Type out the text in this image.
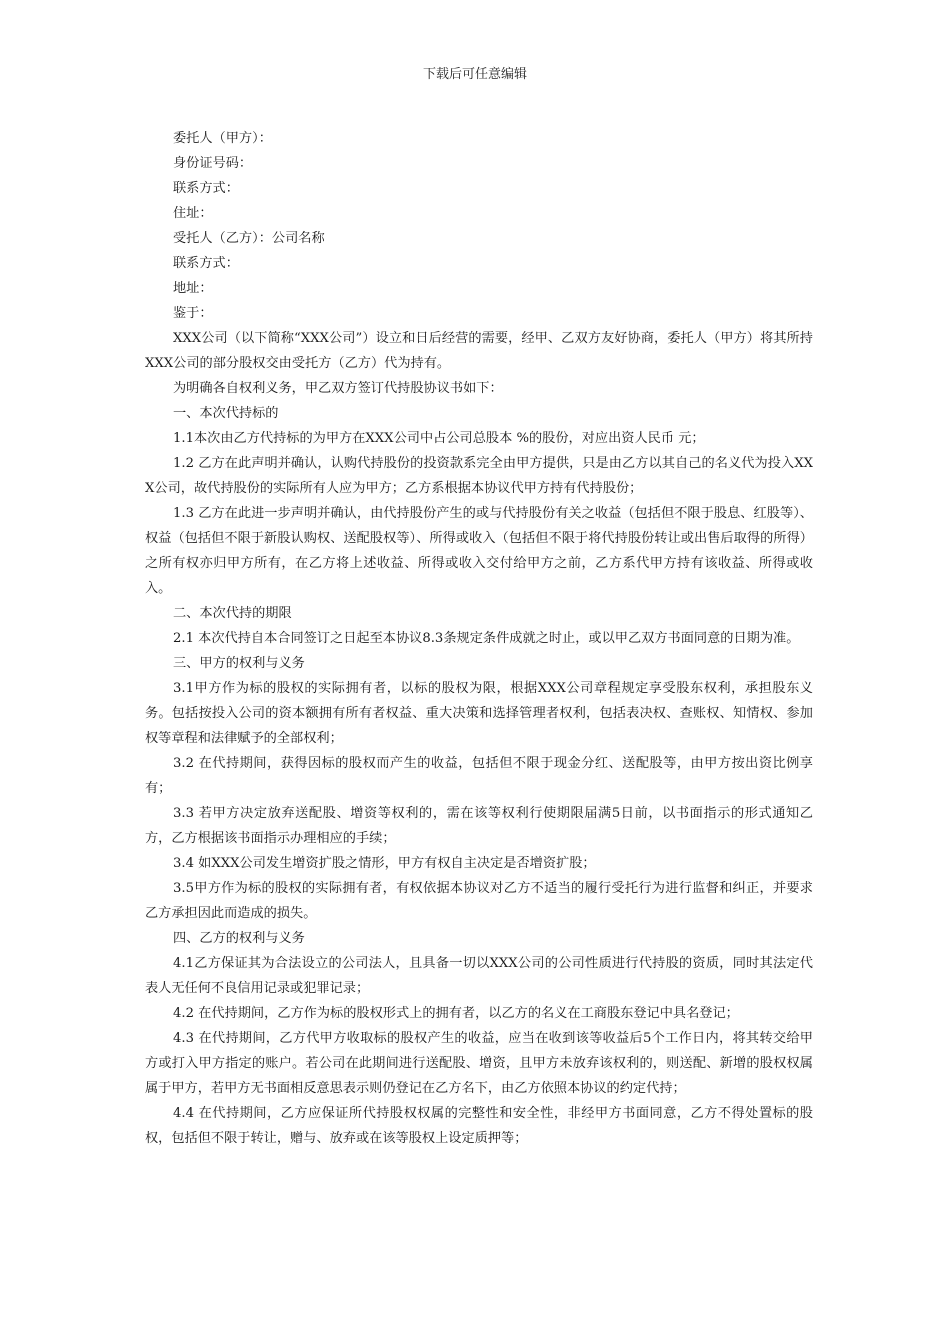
下载后可任意编辑

委托人（甲方）：

身份证号码：

联系方式：

住址：

受托人（乙方）：公司名称

联系方式：

地址：

鉴于：

XXX公司（以下简称“XXX公司”）设立和日后经营的需要，经甲、乙双方友好协商，委托人（甲方）将其所持XXX公司的部分股权交由受托方（乙方）代为持有。

为明确各自权利义务，甲乙双方签订代持股协议书如下：

一、本次代持标的

1.1本次由乙方代持标的为甲方在XXX公司中占公司总股本 %的股份，对应出资人民币 元；

1.2 乙方在此声明并确认，认购代持股份的投资款系完全由甲方提供，只是由乙方以其自己的名义代为投入XXX公司，故代持股份的实际所有人应为甲方；乙方系根据本协议代甲方持有代持股份；

1.3 乙方在此进一步声明并确认，由代持股份产生的或与代持股份有关之收益（包括但不限于股息、红股等）、权益（包括但不限于新股认购权、送配股权等）、所得或收入（包括但不限于将代持股份转让或出售后取得的所得）之所有权亦归甲方所有，在乙方将上述收益、所得或收入交付给甲方之前，乙方系代甲方持有该收益、所得或收入。

二、本次代持的期限

2.1 本次代持自本合同签订之日起至本协议8.3条规定条件成就之时止，或以甲乙双方书面同意的日期为准。

三、甲方的权利与义务

3.1甲方作为标的股权的实际拥有者，以标的股权为限，根据XXX公司章程规定享受股东权利，承担股东义务。包括按投入公司的资本额拥有所有者权益、重大决策和选择管理者权利，包括表决权、查账权、知情权、参加权等章程和法律赋予的全部权利；

3.2 在代持期间，获得因标的股权而产生的收益，包括但不限于现金分红、送配股等，由甲方按出资比例享有；

3.3 若甲方决定放弃送配股、增资等权利的，需在该等权利行使期限届满5日前，以书面指示的形式通知乙方，乙方根据该书面指示办理相应的手续；

3.4 如XXX公司发生增资扩股之情形，甲方有权自主决定是否增资扩股；

3.5甲方作为标的股权的实际拥有者，有权依据本协议对乙方不适当的履行受托行为进行监督和纠正，并要求乙方承担因此而造成的损失。

四、乙方的权利与义务

4.1乙方保证其为合法设立的公司法人，且具备一切以XXX公司的公司性质进行代持股的资质，同时其法定代表人无任何不良信用记录或犯罪记录；

4.2 在代持期间，乙方作为标的股权形式上的拥有者，以乙方的名义在工商股东登记中具名登记；

4.3 在代持期间，乙方代甲方收取标的股权产生的收益，应当在收到该等收益后5个工作日内，将其转交给甲方或打入甲方指定的账户。若公司在此期间进行送配股、增资，且甲方未放弃该权利的，则送配、新增的股权权属属于甲方，若甲方无书面相反意思表示则仍登记在乙方名下，由乙方依照本协议的约定代持；

4.4 在代持期间，乙方应保证所代持股权权属的完整性和安全性，非经甲方书面同意，乙方不得处置标的股权，包括但不限于转让，赠与、放弃或在该等股权上设定质押等；
